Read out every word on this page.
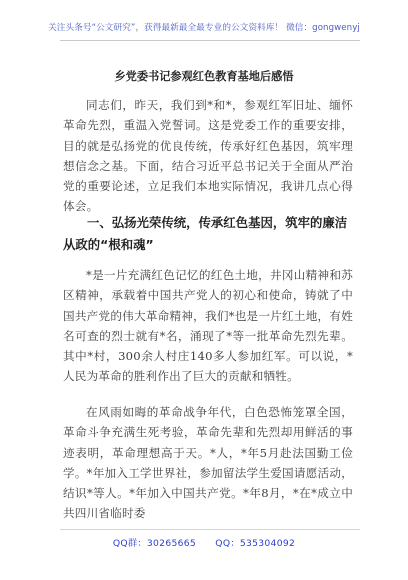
关注头条号“公文研究”，获得最新最全最专业的公文资料库！ 微信：gongwenyj
乡党委书记参观红色教育基地后感悟

同志们，昨天，我们到*和*，参观红军旧址、缅怀革命先烈，重温入党誓词。这是党委工作的重要安排，目的就是弘扬党的优良传统，传承好红色基因，筑牢理想信念之基。下面，结合习近平总书记关于全面从严治党的重要论述，立足我们本地实际情况，我讲几点心得体会。

一、弘扬光荣传统，传承红色基因，筑牢的廉洁从政的“根和魂”

*是一片充满红色记忆的红色土地，井冈山精神和苏区精神，承载着中国共产党人的初心和使命，铸就了中国共产党的伟大革命精神，我们*也是一片红土地，有姓名可查的烈士就有*名，涌现了*等一批革命先烈先辈。其中*村，300余人村庄140多人参加红军。可以说，*人民为革命的胜利作出了巨大的贡献和牺牲。

在风雨如晦的革命战争年代，白色恐怖笼罩全国，革命斗争充满生死考验，革命先辈和先烈却用鲜活的事迹表明，革命理想高于天。*人，*年5月赴法国勤工俭学。*年加入工学世界社，参加留法学生爱国请愿活动，结识*等人。*年加入中国共产党。*年8月，*在*成立中共四川省临时委

QQ群：30265665 QQ：535304092
